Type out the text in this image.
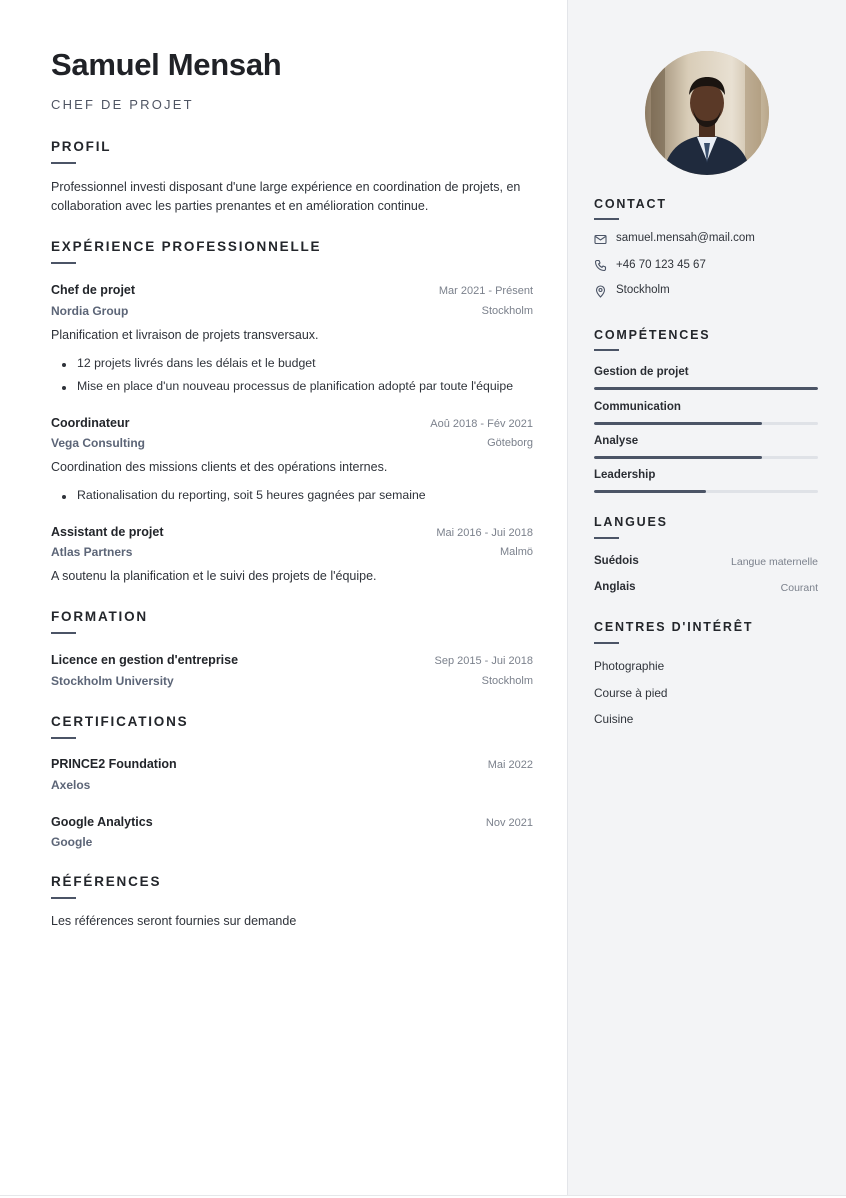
Samuel Mensah
CHEF DE PROJET
PROFIL
Professionnel investi disposant d'une large expérience en coordination de projets, en
collaboration avec les parties prenantes et en amélioration continue.
EXPÉRIENCE PROFESSIONNELLE
Chef de projet	Mar 2021 - Présent
Nordia Group	Stockholm
Planification et livraison de projets transversaux.
12 projets livrés dans les délais et le budget
Mise en place d'un nouveau processus de planification adopté par toute l'équipe
Coordinateur	Aoû 2018 - Fév 2021
Vega Consulting	Göteborg
Coordination des missions clients et des opérations internes.
Rationalisation du reporting, soit 5 heures gagnées par semaine
Assistant de projet	Mai 2016 - Jui 2018
Atlas Partners	Malmö
A soutenu la planification et le suivi des projets de l'équipe.
FORMATION
Licence en gestion d'entreprise	Sep 2015 - Jui 2018
Stockholm University	Stockholm
CERTIFICATIONS
PRINCE2 Foundation	Mai 2022
Axelos
Google Analytics	Nov 2021
Google
RÉFÉRENCES
Les références seront fournies sur demande
CONTACT
samuel.mensah@mail.com
+46 70 123 45 67
Stockholm
COMPÉTENCES
Gestion de projet
Communication
Analyse
Leadership
LANGUES
Suédois	Langue maternelle
Anglais	Courant
CENTRES D'INTÉRÊT
Photographie
Course à pied
Cuisine
